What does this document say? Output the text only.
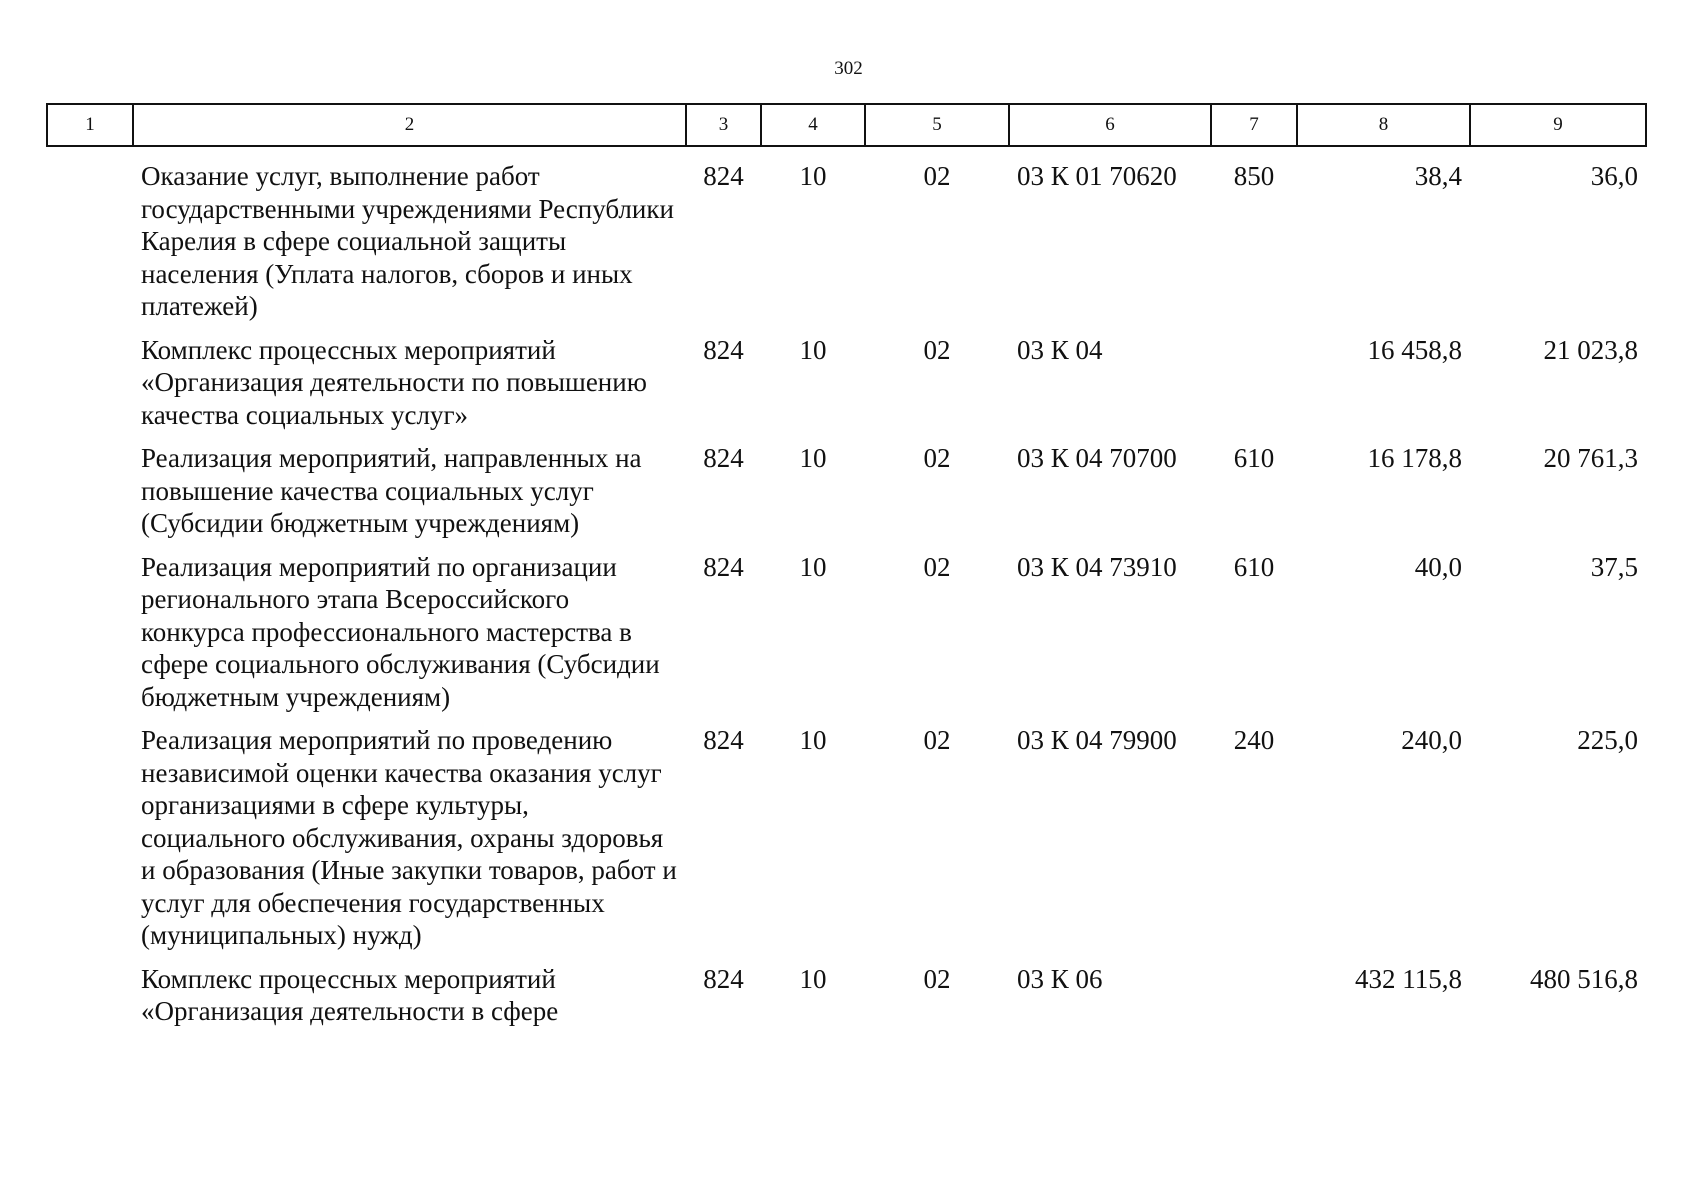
302
1	2	3	4	5	6	7	8	9
	Оказание услуг, выполнение работ государственными учреждениями Республики Карелия в сфере социальной защиты населения (Уплата налогов, сборов и иных платежей)	824	10	02	03 К 01 70620	850	38,4	36,0
	Комплекс процессных мероприятий «Организация деятельности по повышению качества социальных услуг»	824	10	02	03 К 04		16 458,8	21 023,8
	Реализация мероприятий, направленных на повышение качества социальных услуг (Субсидии бюджетным учреждениям)	824	10	02	03 К 04 70700	610	16 178,8	20 761,3
	Реализация мероприятий по организации регионального этапа Всероссийского конкурса профессионального мастерства в сфере социального обслуживания (Субсидии бюджетным учреждениям)	824	10	02	03 К 04 73910	610	40,0	37,5
	Реализация мероприятий по проведению независимой оценки качества оказания услуг организациями в сфере культуры, социального обслуживания, охраны здоровья и образования (Иные закупки товаров, работ и услуг для обеспечения государственных (муниципальных) нужд)	824	10	02	03 К 04 79900	240	240,0	225,0
	Комплекс процессных мероприятий «Организация деятельности в сфере	824	10	02	03 К 06		432 115,8	480 516,8
